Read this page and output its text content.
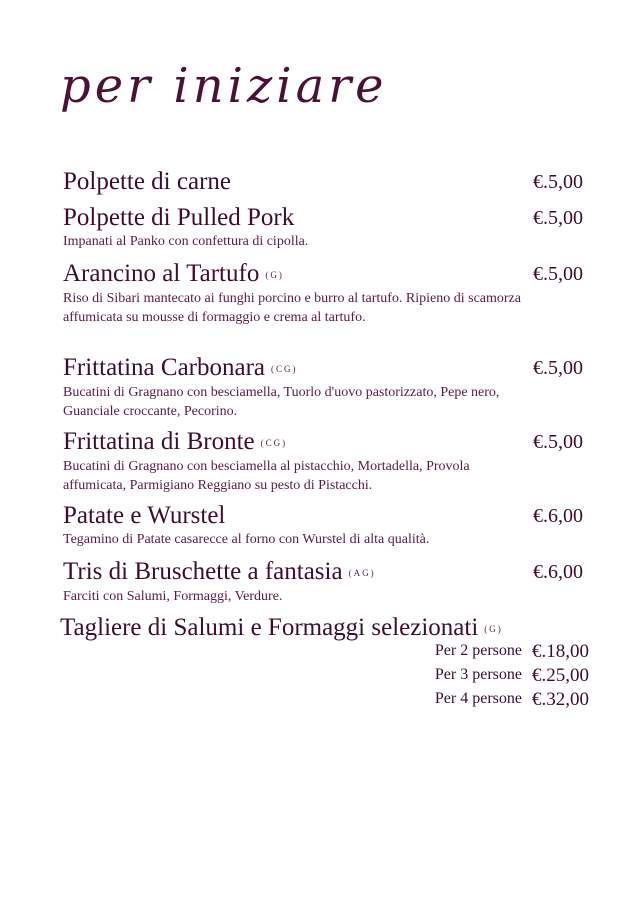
per iniziare
Polpette di carne	€.5,00
Polpette di Pulled Pork
Impanati al Panko con confettura di cipolla.
€.5,00
Arancino al Tartufo (G)
Riso di Sibari mantecato ai funghi porcino e burro al tartufo. Ripieno di scamorza affumicata su mousse di formaggio e crema al tartufo.
€.5,00
Frittatina Carbonara (CG)
Bucatini di Gragnano con besciamella, Tuorlo d'uovo pastorizzato, Pepe nero, Guanciale croccante, Pecorino.
€.5,00
Frittatina di Bronte (CG)
Bucatini di Gragnano con besciamella al pistacchio, Mortadella, Provola affumicata, Parmigiano Reggiano su pesto di Pistacchi.
€.5,00
Patate e Wurstel
Tegamino di Patate casarecce al forno con Wurstel di alta qualità.
€.6,00
Tris di Bruschette a fantasia (AG)
Farciti con Salumi, Formaggi, Verdure.
€.6,00
Tagliere di Salumi e Formaggi selezionati (G)
Per 2 persone €.18,00
Per 3 persone €.25,00
Per 4 persone €.32,00
